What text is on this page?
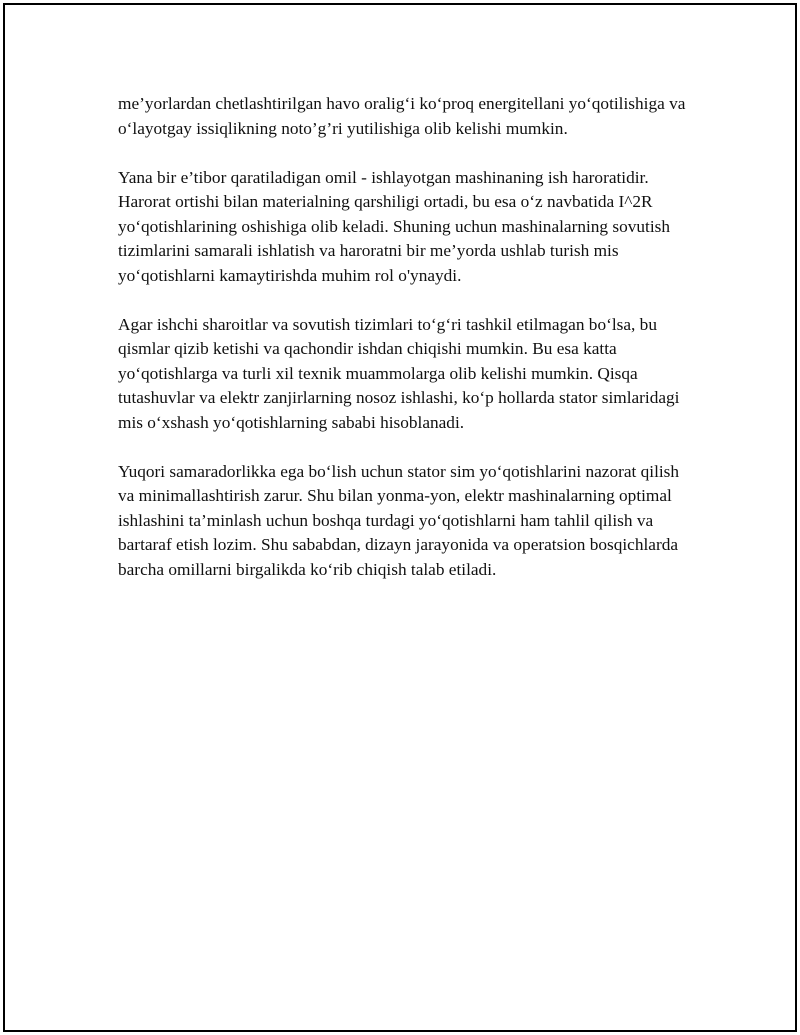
me’yorlardan chetlashtirilgan havo oralig‘i ko‘proq energitellani yo‘qotilishiga va o‘layotgay issiqlikning noto’g’ri yutilishiga olib kelishi mumkin.

Yana bir e’tibor qaratiladigan omil - ishlayotgan mashinaning ish haroratidir. Harorat ortishi bilan materialning qarshiligi ortadi, bu esa o‘z navbatida I^2R yo‘qotishlarining oshishiga olib keladi. Shuning uchun mashinalarning sovutish tizimlarini samarali ishlatish va haroratni bir me’yorda ushlab turish mis yo‘qotishlarni kamaytirishda muhim rol o'ynaydi.

Agar ishchi sharoitlar va sovutish tizimlari to‘g‘ri tashkil etilmagan bo‘lsa, bu qismlar qizib ketishi va qachondir ishdan chiqishi mumkin. Bu esa katta yo‘qotishlarga va turli xil texnik muammolarga olib kelishi mumkin. Qisqa tutashuvlar va elektr zanjirlarning nosoz ishlashi, ko‘p hollarda stator simlaridagi mis o‘xshash yo‘qotishlarning sababi hisoblanadi.

Yuqori samaradorlikka ega bo‘lish uchun stator sim yo‘qotishlarini nazorat qilish va minimallashtirish zarur. Shu bilan yonma-yon, elektr mashinalarning optimal ishlashini ta’minlash uchun boshqa turdagi yo‘qotishlarni ham tahlil qilish va bartaraf etish lozim. Shu sababdan, dizayn jarayonida va operatsion bosqichlarda barcha omillarni birgalikda ko‘rib chiqish talab etiladi.
